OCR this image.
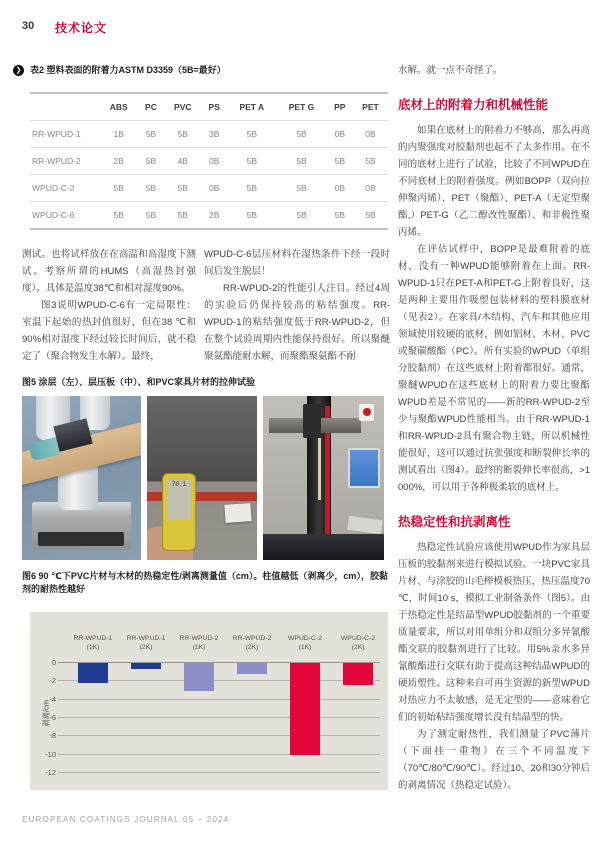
30 技术论文
❯ 表2 塑料表面的附着力ASTM D3359（5B=最好）
	ABS	PC	PVC	PS	PET A	PET G	PP	PET
RR-WPUD-1	1B	5B	5B	3B	5B	5B	0B	0B
RR-WPUD-2	2B	5B	4B	0B	5B	5B	5B	5B
WPUD-C-2	5B	5B	5B	0B	5B	5B	0B	0B
WPUD-C-6	5B	5B	5B	2B	5B	5B	5B	5B

测试。也将试样放在在高温和高湿度下测试。考察所谓的HUMS（高湿热封强度）。具体是温度38℃和相对湿度90%。

图3说明WPUD-C-6有一定局限性：室温下起始的热封值很好，但在38 ℃和90%相对湿度下经过较长时间后，就不稳定了（聚合物发生水解）。最终，

WPUD-C-6层压材料在湿热条件下经一段时间后发生脱层！

RR-WPUD-2的性能引人注目。经过4周的实验后仍保持较高的粘结强度。RR-WPUD-1的粘结强度低于RR-WPUD-2，但在整个试验周期内性能保持很好。所以聚醚聚氨酯能耐水解，而聚酯聚氨酯不耐

图5 涂层（左）、层压板（中）、和PVC家具片材的拉伸试验
70.1
图6 90 ℃下PVC片材与木材的热稳定性/剥离测量值（cm）。柱值越低（剥离少，cm），胶黏剂的耐热性越好
0
-2
-4
-6
-8
-10
-12
剥离/cm
RR-WPUD-1
(1K)
RR-WPUD-1
(2K)
RR-WPUD-2
(1K)
RR-WPUD-2
(2K)
WPUD-C-2
(1K)
WPUD-C-2
(2K)

水解。就一点不奇怪了。

底材上的附着力和机械性能

如果在底材上的附着力不够高，那么再高的内聚强度对胶黏剂也起不了太多作用。在不同的底材上进行了试验，比较了不同WPUD在不同底材上的附着强度。例如BOPP（双向拉伸聚丙烯）、PET（聚酯）、PET-A（无定型聚酯,）PET-G（乙二醇改性聚酯）、和非极性聚丙烯。

在评估试样中，BOPP是最难附着的底材，没有一种WPUD能够附着在上面。RR-WPUD-1只在PET-A和PET-G上附着良好，这是两种主要用作吸塑包装材料的塑料膜底材（见表2）。在家具/木结构、汽车和其他应用领域使用较硬的底材，例如铝材、木材、PVC或聚碳酸酯（PC）。所有实验的WPUD（单组分胶黏剂）在这些底材上附着都很好。通常，聚醚WPUD在这些底材上的附着力要比聚酯WPUD差是不常见的——新的RR-WPUD-2至少与聚酯WPUD性能相当。由于RR-WPUD-1和RR-WPUD-2具有聚合物主链，所以机械性能很好，这可以通过抗张强度和断裂伸长率的测试看出（图4）。最终的断裂伸长率很高，>1 000%，可以用于各种极柔软的底材上。

热稳定性和抗剥离性

热稳定性试验应该使用WPUD作为家具层压板的胶黏剂来进行模拟试验。一块PVC家具片材、与涂胶的山毛榉模板热压，热压温度70 ℃，时间10 s，模拟工业制备条件（图5）。由于热稳定性是结晶型WPUD胶黏剂的一个重要质量要求，所以对用单组分和双组分多异氰酸酯交联的胶黏剂进行了比较。用5%亲水多异氰酸酯进行交联有助于提高这种结晶WPUD的硬质塑性。这种来自可再生资源的新型WPUD对热应力不太敏感，是无定型的——意味着它们的初始粘结强度增长没有结晶型的快。

为了测定耐热性，我们测量了PVC薄片（下面挂一重物）在三个不同温度下（70℃/80℃/90℃）。经过10、20和30分钟后的剥离情况（热稳定试验）。

EUROPEAN COATINGS JOURNAL 05 – 2024
